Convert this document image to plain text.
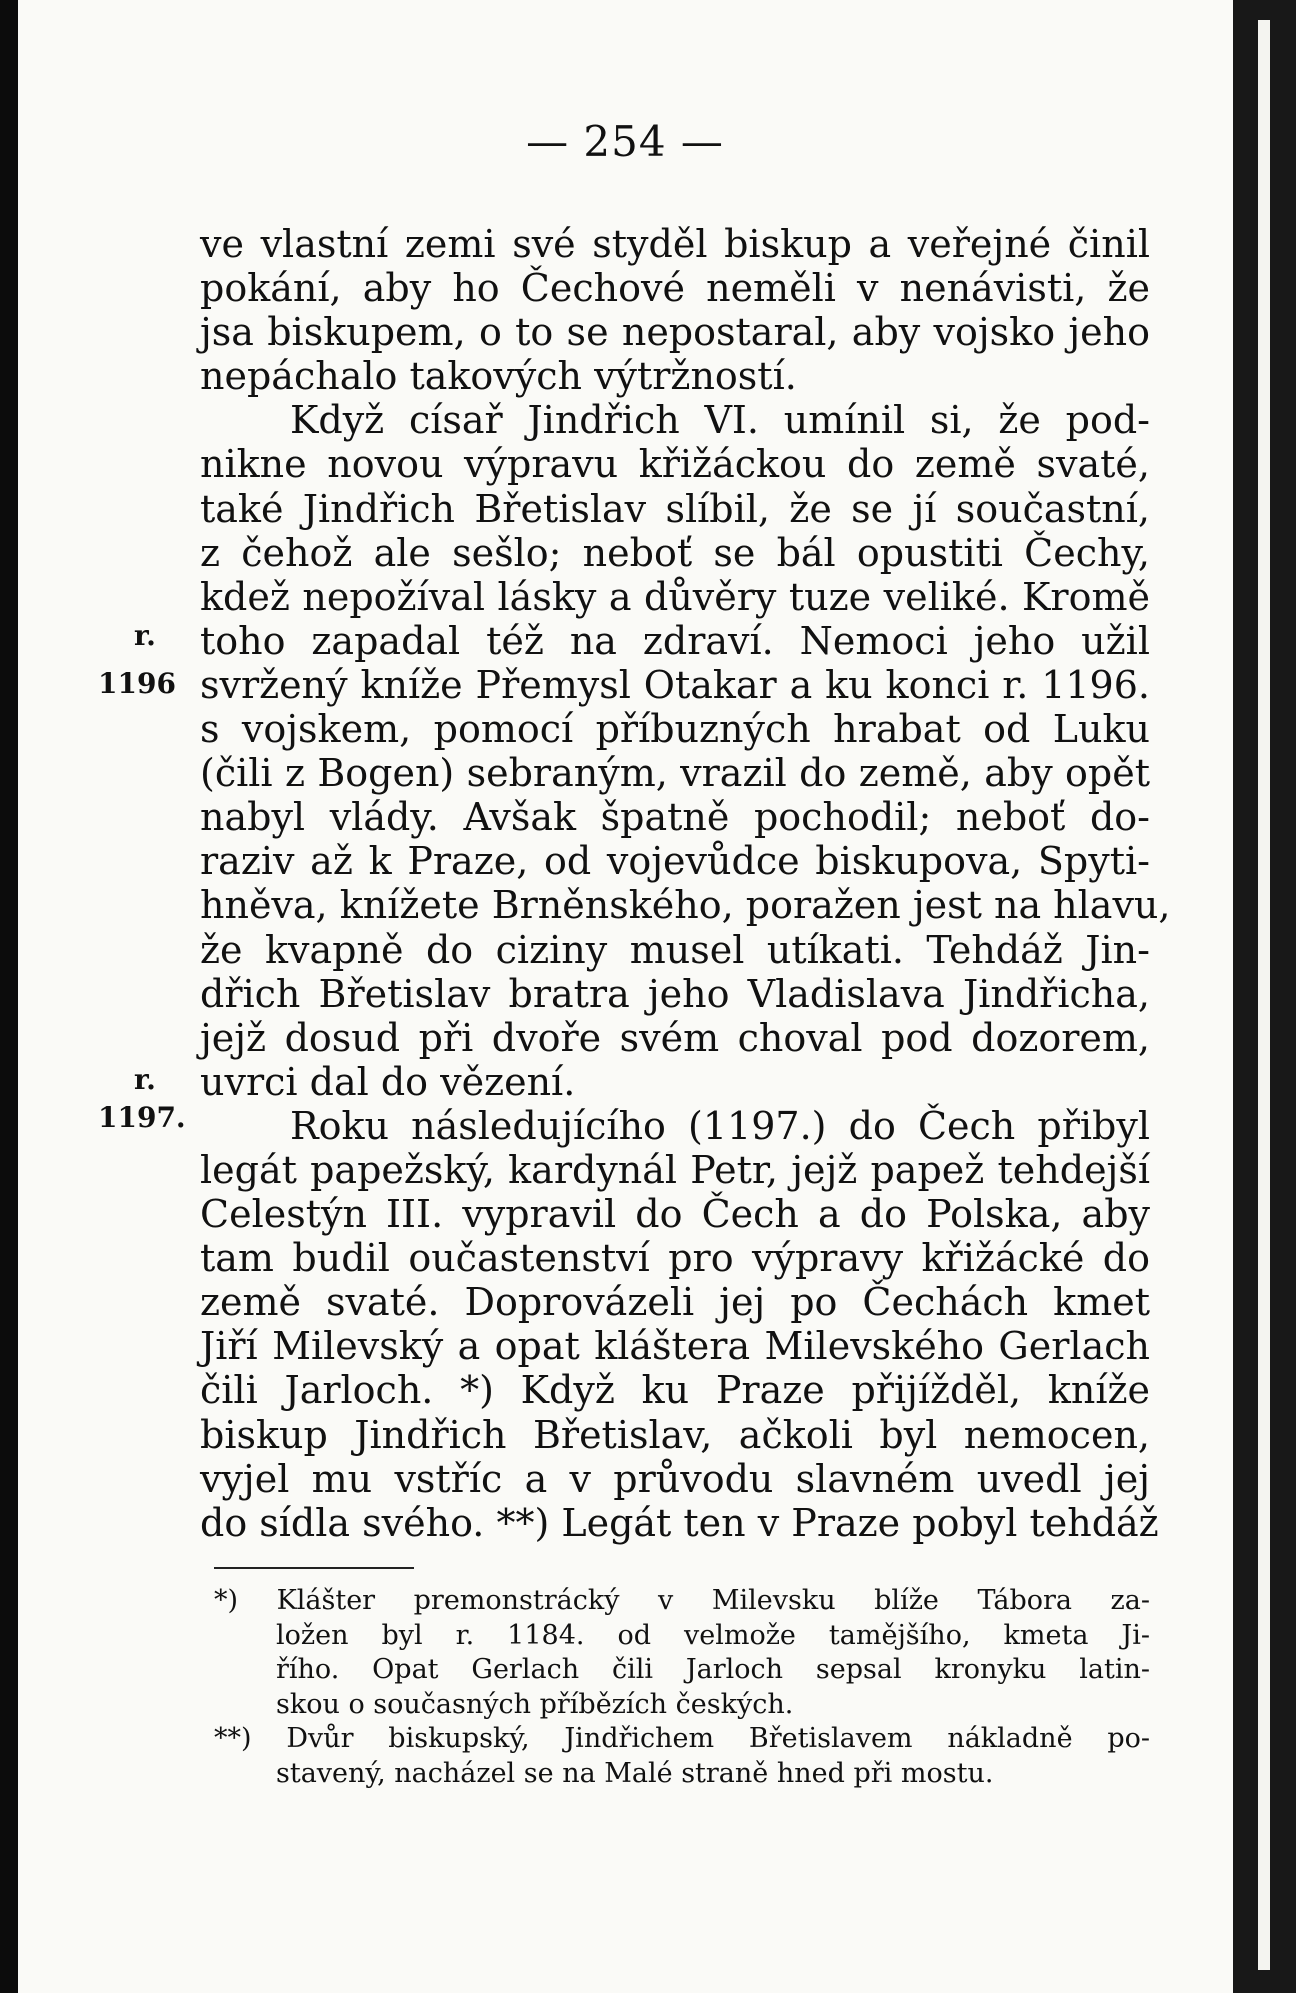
— 254 —
r.
1196
r.
1197.
ve vlastní zemi své styděl biskup a veřejné činil
pokání, aby ho Čechové neměli v nenávisti, že
jsa biskupem, o to se nepostaral, aby vojsko jeho
nepáchalo takových výtržností.
Když císař Jindřich VI. umínil si, že pod-
nikne novou výpravu křižáckou do země svaté,
také Jindřich Břetislav slíbil, že se jí součastní,
z čehož ale sešlo; neboť se bál opustiti Čechy,
kdež nepožíval lásky a důvěry tuze veliké. Kromě
toho zapadal též na zdraví. Nemoci jeho užil
svržený kníže Přemysl Otakar a ku konci r. 1196.
s vojskem, pomocí příbuzných hrabat od Luku
(čili z Bogen) sebraným, vrazil do země, aby opět
nabyl vlády. Avšak špatně pochodil; neboť do-
raziv až k Praze, od vojevůdce biskupova, Spyti-
hněva, knížete Brněnského, poražen jest na hlavu,
že kvapně do ciziny musel utíkati. Tehdáž Jin-
dřich Břetislav bratra jeho Vladislava Jindřicha,
jejž dosud při dvoře svém choval pod dozorem,
uvrci dal do vězení.
Roku následujícího (1197.) do Čech přibyl
legát papežský, kardynál Petr, jejž papež tehdejší
Celestýn III. vypravil do Čech a do Polska, aby
tam budil oučastenství pro výpravy křižácké do
země svaté. Doprovázeli jej po Čechách kmet
Jiří Milevský a opat kláštera Milevského Gerlach
čili Jarloch. *) Když ku Praze přijížděl, kníže
biskup Jindřich Břetislav, ačkoli byl nemocen,
vyjel mu vstříc a v průvodu slavném uvedl jej
do sídla svého. **) Legát ten v Praze pobyl tehdáž
*) Klášter premonstrácký v Milevsku blíže Tábora za-
ložen byl r. 1184. od velmože tamějšího, kmeta Ji-
řího. Opat Gerlach čili Jarloch sepsal kronyku latin-
skou o současných příbězích českých.
**) Dvůr biskupský, Jindřichem Břetislavem nákladně po-
stavený, nacházel se na Malé straně hned při mostu.
